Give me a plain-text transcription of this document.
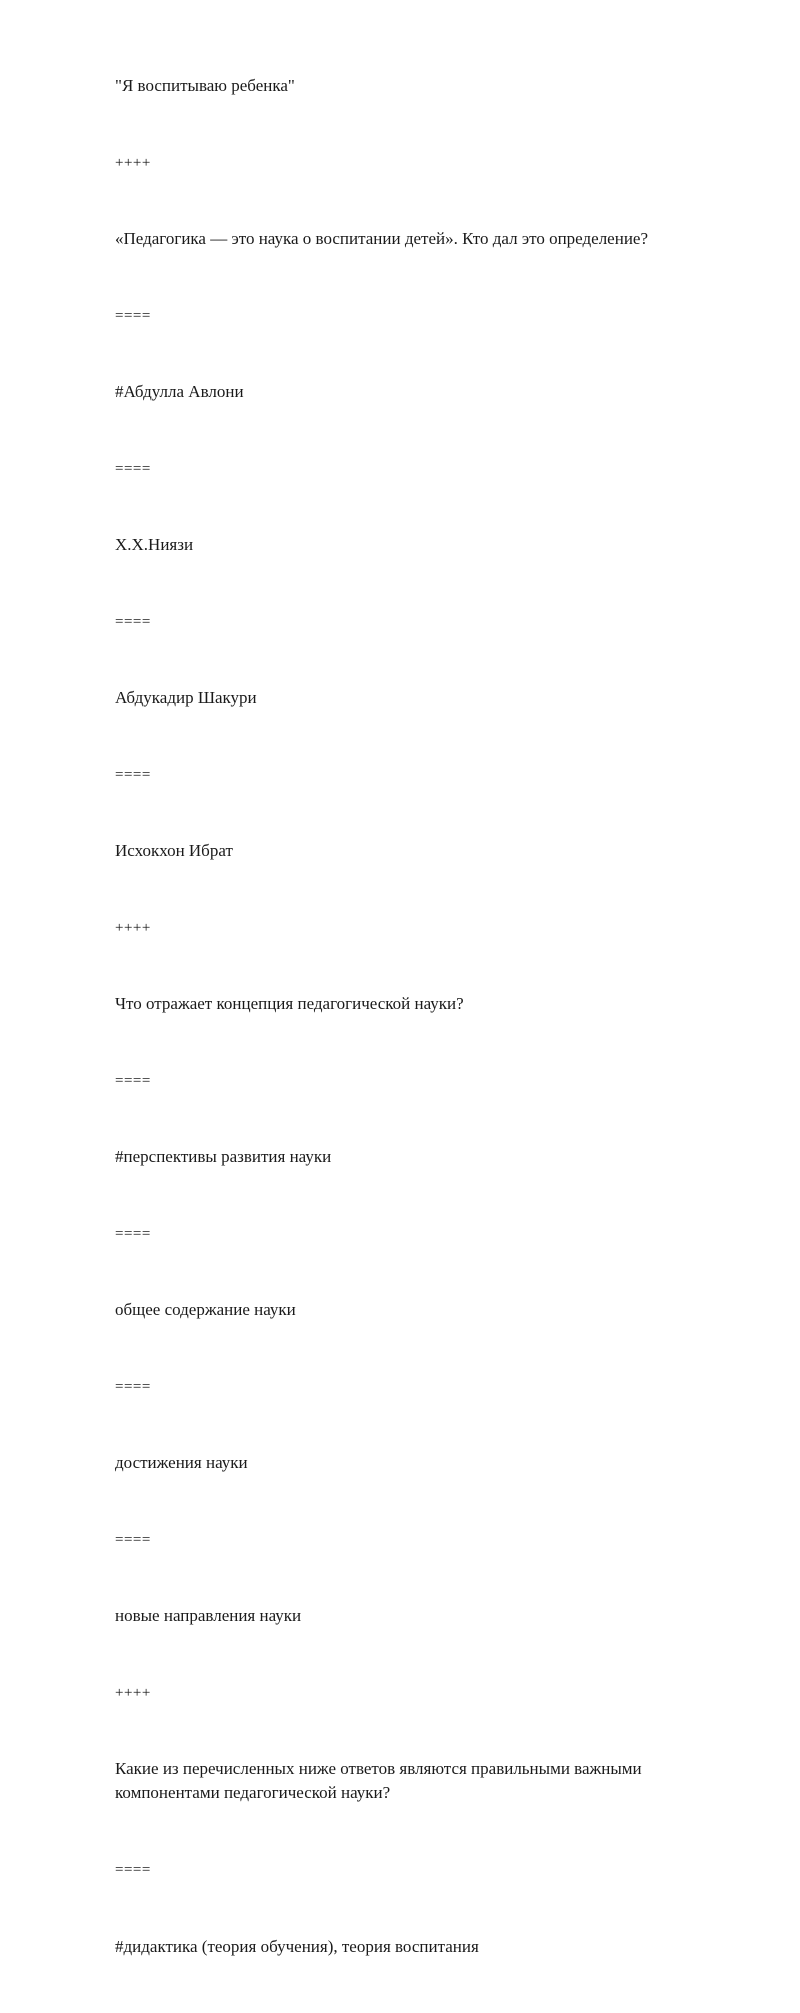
"Я воспитываю ребенка"

++++

«Педагогика — это наука о воспитании детей». Кто дал это определение?

====

#Абдулла Авлони

====

Х.Х.Ниязи

====

Абдукадир Шакури

====

Исхокхон Ибрат

++++

Что отражает концепция педагогической науки?

====

#перспективы развития науки

====

общее содержание науки

====

достижения науки

====

новые направления науки

++++

Какие из перечисленных ниже ответов являются правильными важными компонентами педагогической науки?

====

#дидактика (теория обучения), теория воспитания
